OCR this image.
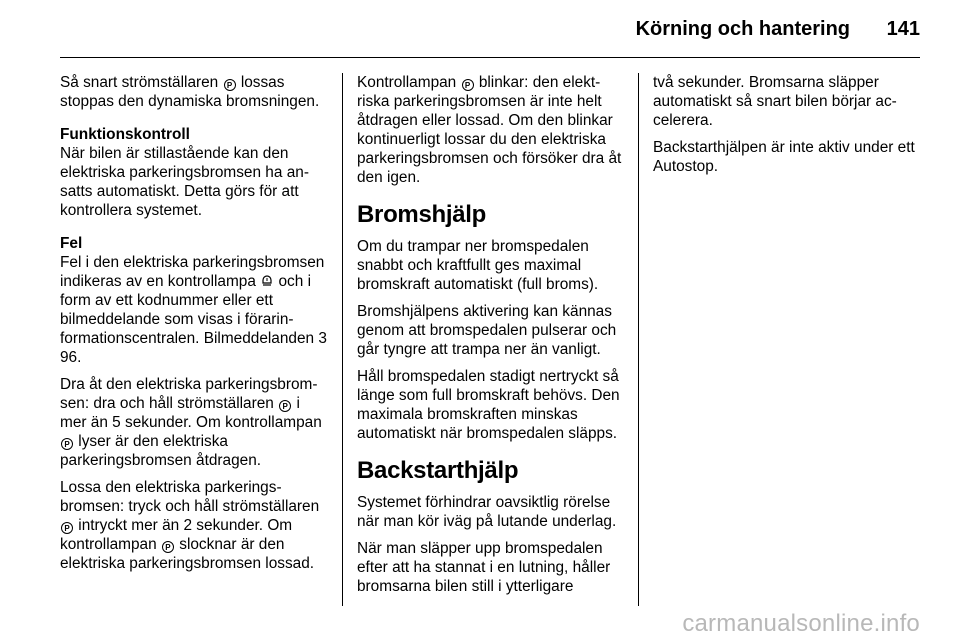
Körning och hantering 141

Så snart strömställaren P lossas stoppas den dynamiska bromsningen.

Funktionskontroll

När bilen är stillastående kan den elektriska parkeringsbromsen ha ansatts automatiskt. Detta görs för att kontrollera systemet.

Fel

Fel i den elektriska parkeringsbromsen indikeras av en kontrollampa och i form av ett kodnummer eller ett bilmeddelande som visas i förarinformationscentralen. Bilmeddelanden 3 96.

Dra åt den elektriska parkeringsbromsen: dra och håll strömställaren P i mer än 5 sekunder. Om kontrollampan P lyser är den elektriska parkeringsbromsen åtdragen.

Lossa den elektriska parkeringsbromsen: tryck och håll strömställaren P intryckt mer än 2 sekunder. Om kontrollampan P slocknar är den elektriska parkeringsbromsen lossad.

Kontrollampan P blinkar: den elektriska parkeringsbromsen är inte helt åtdragen eller lossad. Om den blinkar kontinuerligt lossar du den elektriska parkeringsbromsen och försöker dra åt den igen.

Bromshjälp

Om du trampar ner bromspedalen snabbt och kraftfullt ges maximal bromskraft automatiskt (full broms).

Bromshjälpens aktivering kan kännas genom att bromspedalen pulserar och går tyngre att trampa ner än vanligt.

Håll bromspedalen stadigt nertryckt så länge som full bromskraft behövs. Den maximala bromskraften minskas automatiskt när bromspedalen släpps.

Backstarthjälp

Systemet förhindrar oavsiktlig rörelse när man kör iväg på lutande underlag.

När man släpper upp bromspedalen efter att ha stannat i en lutning, håller bromsarna bilen still i ytterligare

två sekunder. Bromsarna släpper automatiskt så snart bilen börjar accelerera.

Backstarthjälpen är inte aktiv under ett Autostop.

carmanualsonline.info
